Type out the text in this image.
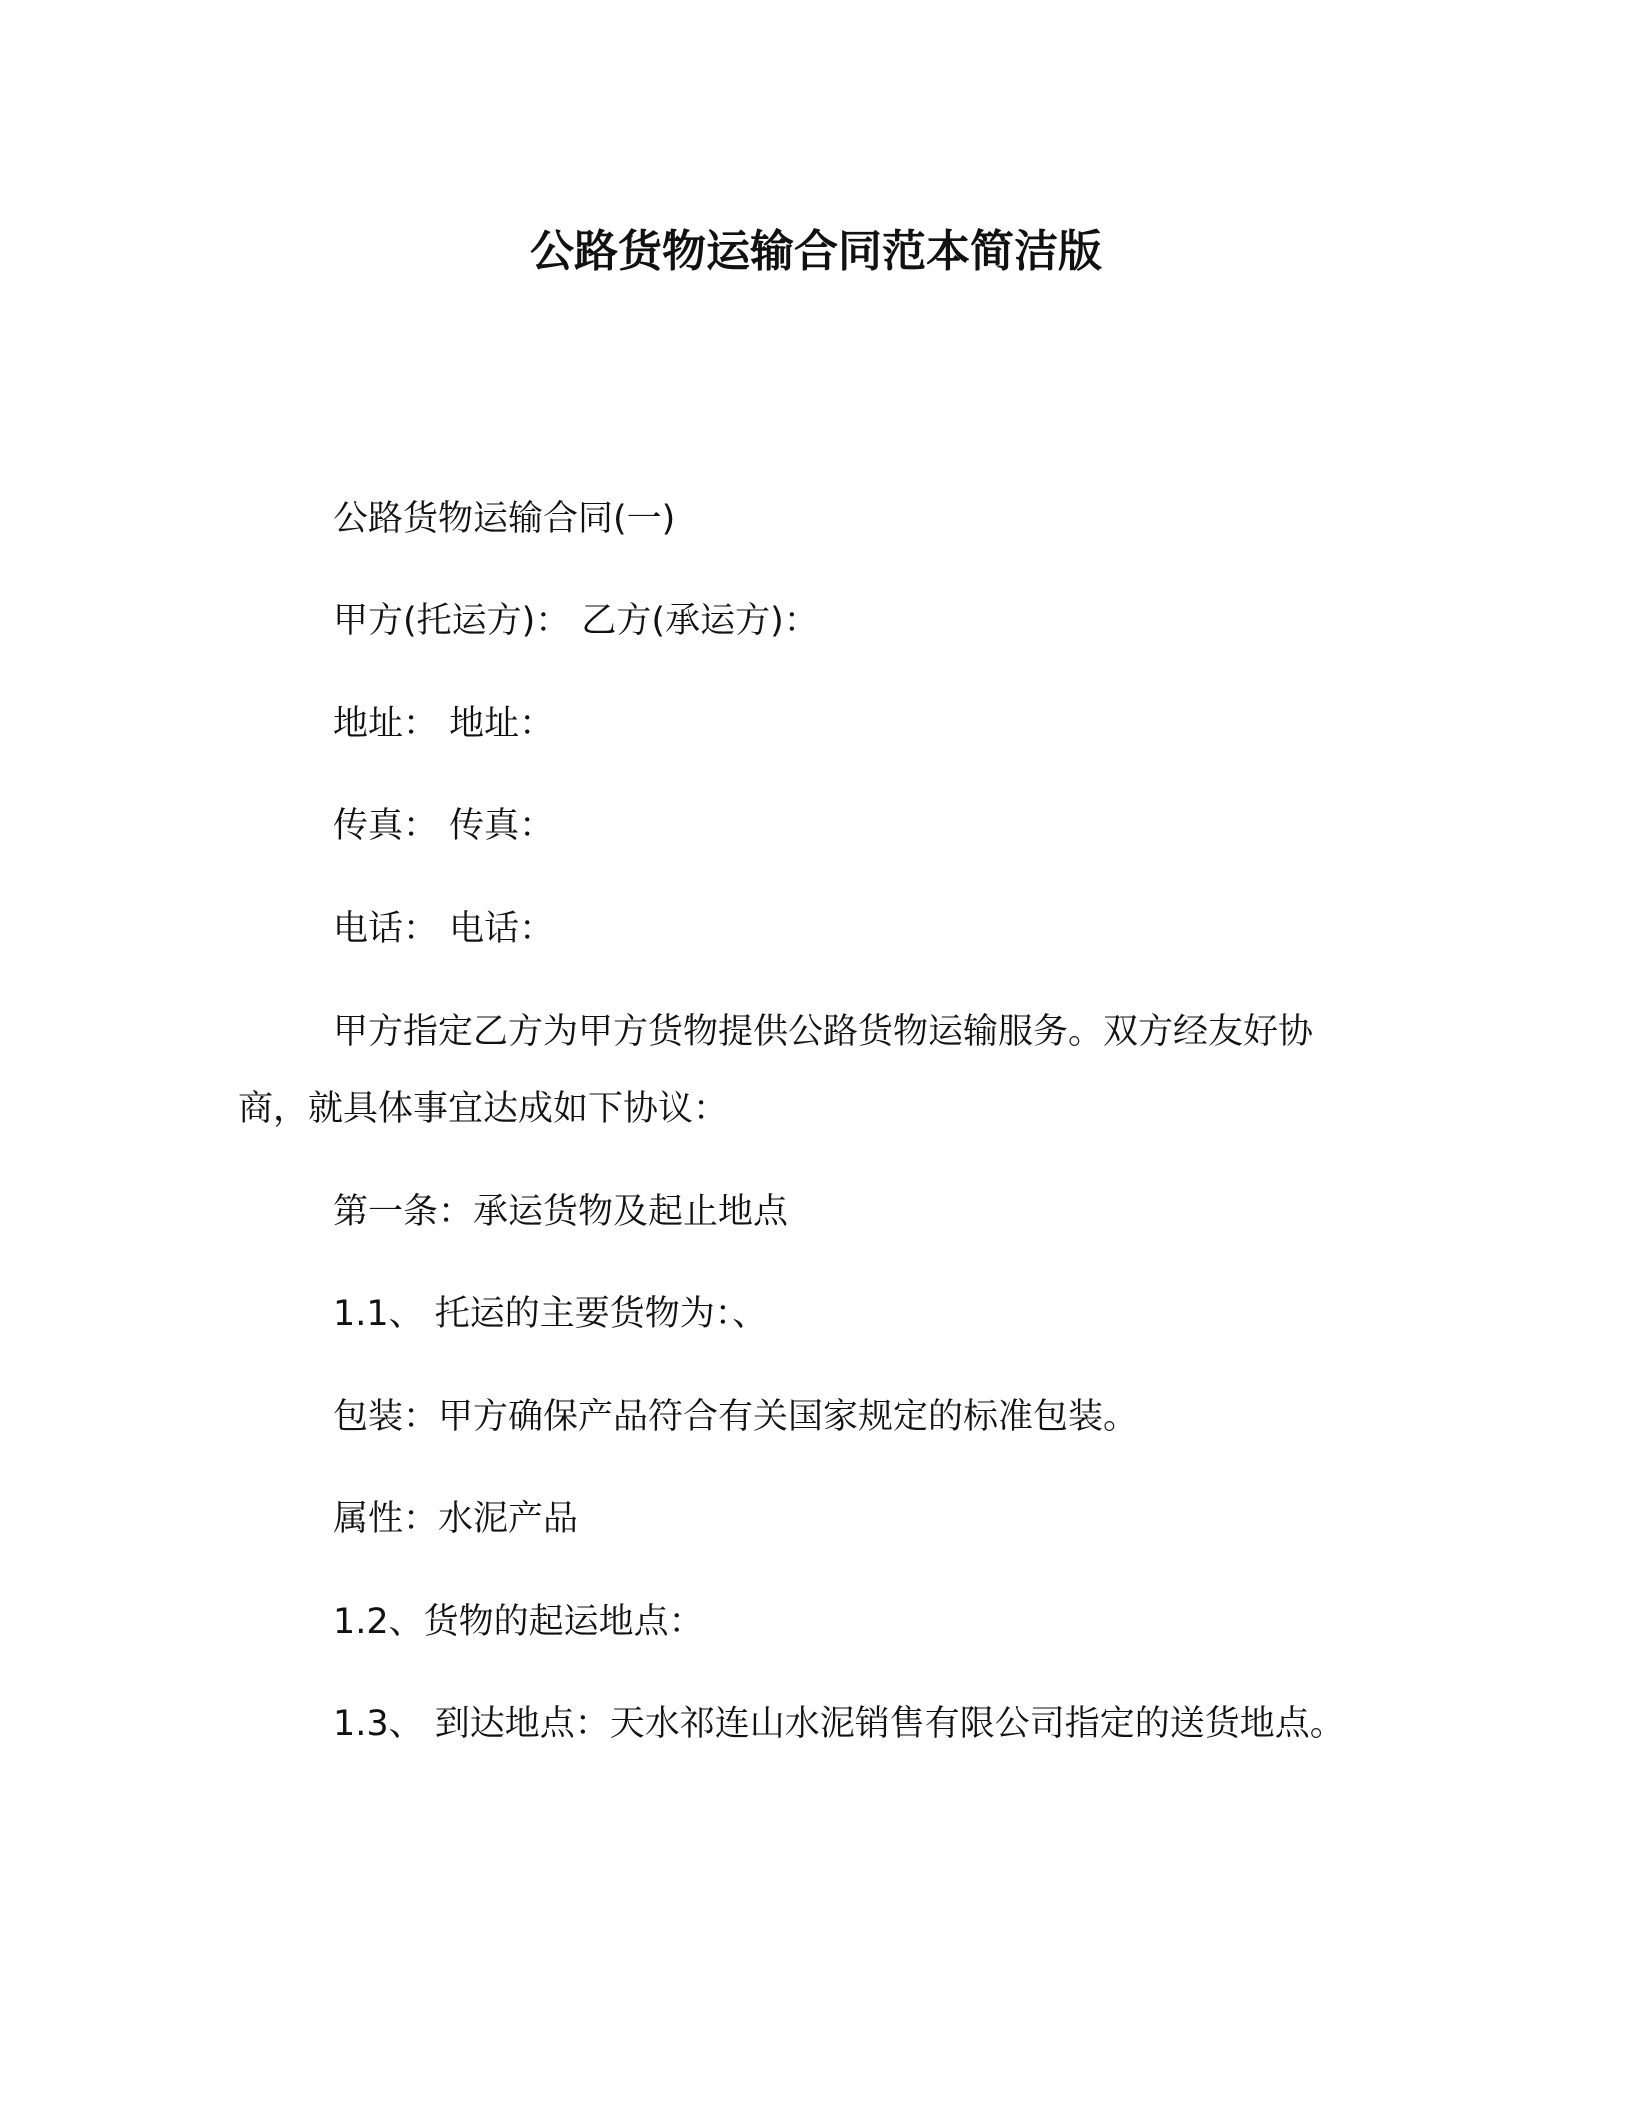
公路货物运输合同范本简洁版

公路货物运输合同(一)

甲方(托运方)： 乙方(承运方)：

地址： 地址：

传真： 传真：

电话： 电话：

甲方指定乙方为甲方货物提供公路货物运输服务。双方经友好协

商，就具体事宜达成如下协议：

第一条：承运货物及起止地点

1.1、 托运的主要货物为：、

包装：甲方确保产品符合有关国家规定的标准包装。

属性：水泥产品

1.2、货物的起运地点：

1.3、 到达地点：天水祁连山水泥销售有限公司指定的送货地点。
